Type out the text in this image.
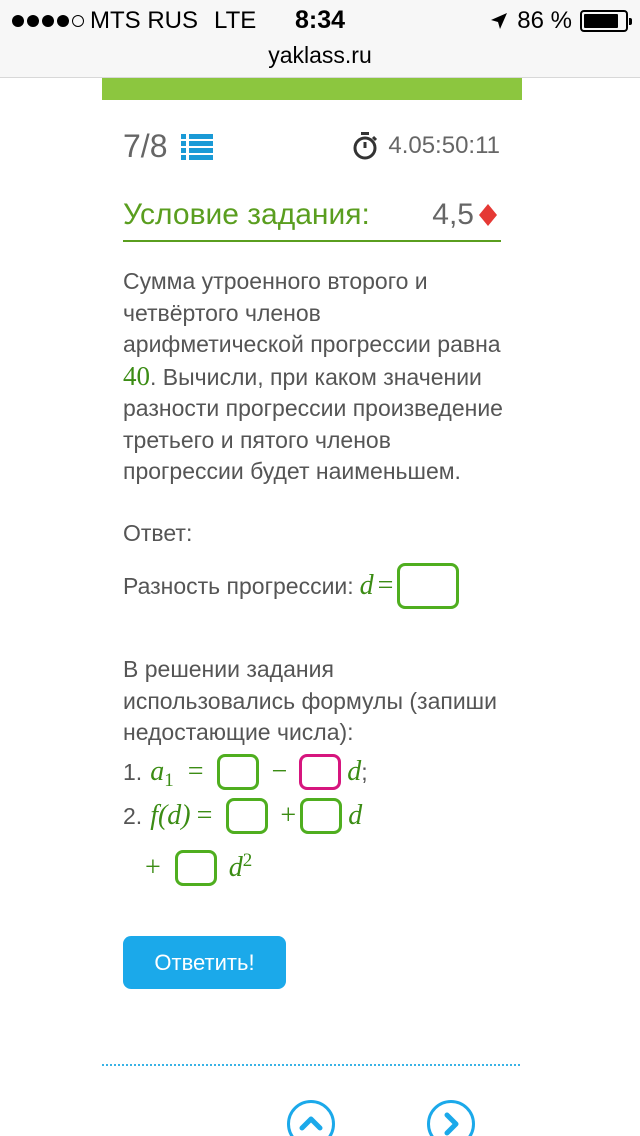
MTS RUS LTE	8:34	86 %
yaklass.ru
7/8	4.05:50:11
Условие задания: 4,5
Сумма утроенного второго и четвёртого членов арифметической прогрессии равна 40. Вычисли, при каком значении разности прогрессии произведение третьего и пятого членов прогрессии будет наименьшем.
Ответ:
Разность прогрессии: d =
В решении задания использовались формулы (запиши недостающие числа):
1. $a_1$ = − d ;
2. f(d) = + d
+ $d^2$
Ответить!
